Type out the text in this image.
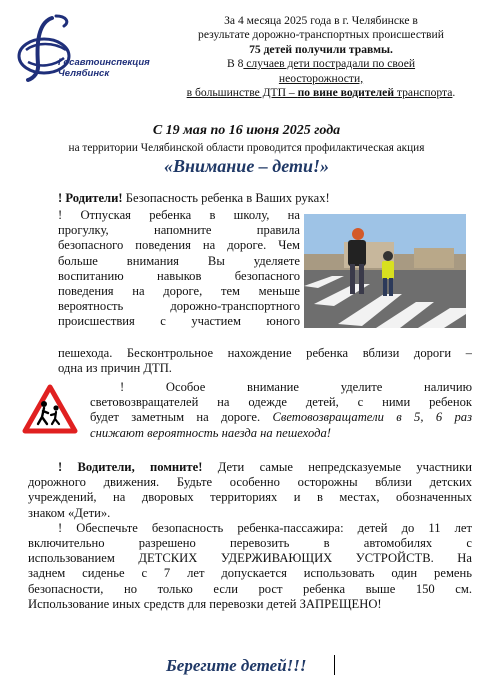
Госавтоинспекция
Челябинск
За 4 месяца 2025 года в г. Челябинске в
результате дорожно-транспортных происшествий
75 детей получили травмы.
В 8 случаев дети пострадали по своей
неосторожности,
в большинстве ДТП – по вине водителей транспорта.
С 19 мая по 16 июня 2025 года
на территории Челябинской области проводится профилактическая акция
«Внимание – дети!»
! Родители! Безопасность ребенка в Ваших руках!
! Отпуская ребенка в школу, на
прогулку, напомните правила
безопасного поведения на дороге. Чем
больше внимания Вы уделяете
воспитанию навыков безопасного
поведения на дороге, тем меньше
вероятность дорожно-транспортного
происшествия с участием юного
пешехода. Бесконтрольное нахождение ребенка вблизи дороги –
одна из причин ДТП.
! Особое внимание уделите наличию
световозвращателей на одежде детей, с ними ребенок
будет заметным на дороге. Световозвращатели в 5, 6 раз
снижают вероятность наезда на пешехода!
! Водители, помните! Дети самые непредсказуемые участники
дорожного движения. Будьте особенно осторожны вблизи детских
учреждений, на дворовых территориях и в местах, обозначенных
знаком «Дети».
! Обеспечьте безопасность ребенка-пассажира: детей до 11 лет
включительно разрешено перевозить в автомобилях с
использованием ДЕТСКИХ УДЕРЖИВАЮЩИХ УСТРОЙСТВ. На
заднем сиденье с 7 лет допускается использовать один ремень
безопасности, но только если рост ребенка выше 150 см.
Использование иных средств для перевозки детей ЗАПРЕЩЕНО!
Берегите детей!!!
